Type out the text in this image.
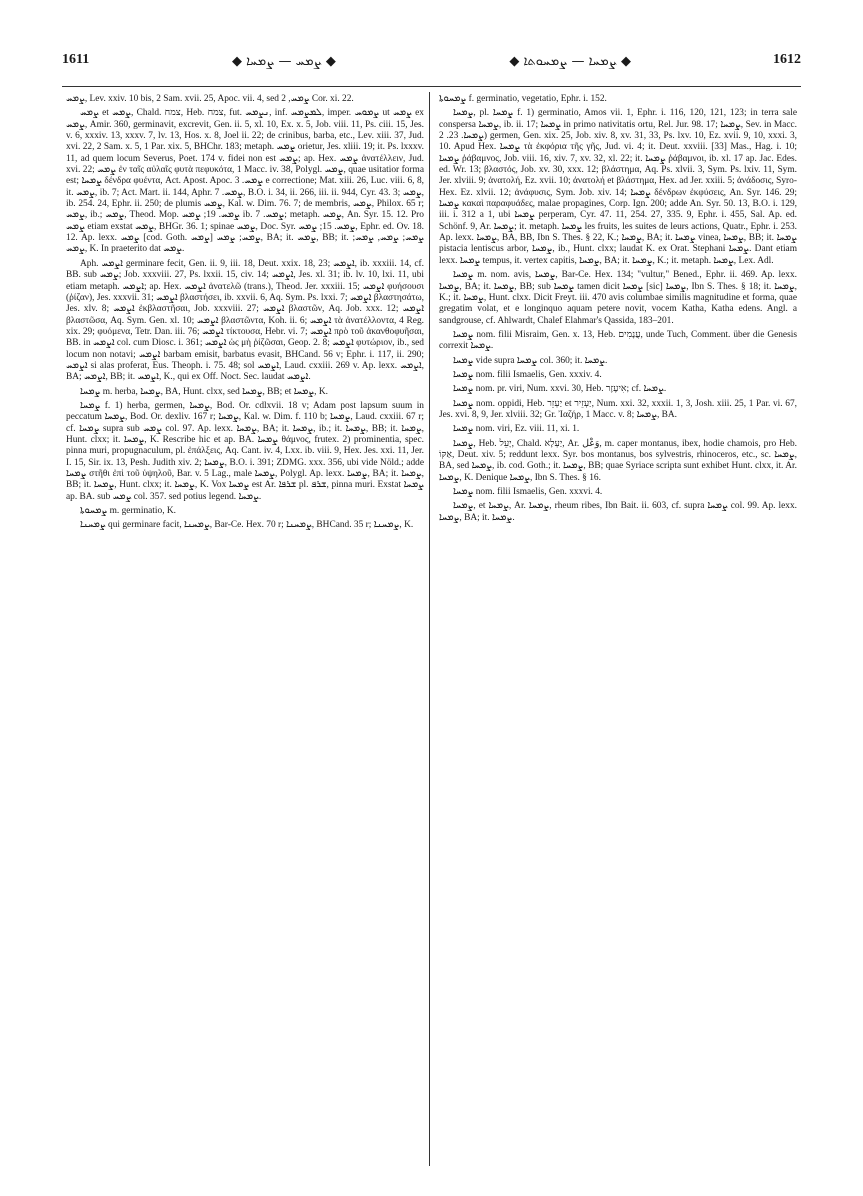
1611	◆ ܨܡܚ — ܨܡܚܐ ◆	◆ ܨܡܚܐ — ܨܡܚܘܬܐ ◆	1612

ܨܡܚ, Lev. xxiv. 10 bis, 2 Sam. xvii. 25, Apoc. vii. 4, sed ܨܡܚ, 2 Cor. xi. 22.

ܨܡܚ et ܨܡܚ, Chald. צמח, Heb. צמח, fut. ܢܨܡܚ, inf. ܠܡܨܡܚ, imper. ܨܡܘܚ ut ܨܡܚ ex ܨܡܚ, Amir. 360, germinavit, excrevit, Gen. ii. 5, xl. 10, Ex. x. 5, Job. viii. 11, Ps. ciii. 15, Jes. v. 6, xxxiv. 13, xxxv. 7, lv. 13, Hos. x. 8, Joel ii. 22; de crinibus, barba, etc., Lev. xiii. 37, Jud. xvi. 22, 2 Sam. x. 5, 1 Par. xix. 5, BHChr. 183; metaph. ܨܡܚ orietur, Jes. xliii. 19; it. Ps. lxxxv. 11, ad quem locum Severus, Poet. 174 v. fidei non est ܨܡܚ; ap. Hex. ܨܡܚ ἀνατέλλειν, Jud. xvi. 22; ܨܡܚ ἐν ταῖς αὐλαῖς φυτὰ πεφυκότα, 1 Macc. iv. 38, Polygl. ܨܡܚ, quae usitatior forma est; ܨܡܚܐ δένδρα φυέντα, Act. Apost. Apoc. ܨܡܚ. 3 e correctione; Mat. xiii. 26, Luc. viii. 6, 8, it. ܨܡܚ, ib. 7; Act. Mart. ii. 144, Aphr. ܨܡܚ. 7, B.O. i. 34, ii. 266, iii. ii. 944, Cyr. 43. 3; ܨܡܚ, ib. 254. 24, Ephr. ii. 250; de plumis ܨܡܚ, Kal. w. Dim. 76. 7; de membris, ܨܡܚ, Philox. 65 r; ܨܡܚ, ib.; ܨܡܚ, Theod. Mop. ܨܡܚ. 19; ܨܡܚ ib. ܨܡܚ. 7; metaph. ܨܡܚ, An. Syr. 15. 12. Pro ܨܡܚ etiam exstat ܨܡܚ, BHGr. 36. 1; spinae ܨܡܚ, Doc. Syr. ܨܡܚ. 15; ܨܡܚ, Ephr. ed. Ov. 18. 12. Ap. lexx. ܨܡܚ [cod. Goth. ܨܡܚ] ܨܡܚ; ܨܡܚ, BA; it. ܨܡܚ, BB; it. ܨܡܚ; ܨܡܚ, ܨܡܚ; ܨܡܚ, K. In praeterito dat ܨܡܚ.

Aph. ܐܨܡܚ germinare fecit, Gen. ii. 9, iii. 18, Deut. xxix. 18, 23; ܐܨܡܚ, ib. xxxiii. 14, cf. BB. sub ܨܡܚ; Job. xxxviii. 27, Ps. lxxii. 15, civ. 14; ܐܨܡܚ, Jes. xl. 31; ib. lv. 10, lxi. 11, ubi etiam metaph. ܐܨܡܚ; ap. Hex. ܐܨܡܚ ἀνατελῶ (trans.), Theod. Jer. xxxiii. 15; ܐܨܡܚ φυήσουσι (ῥίζαν), Jes. xxxvii. 31; ܐܨܡܚ βλαστήσει, ib. xxvii. 6, Aq. Sym. Ps. lxxi. 7; ܐܨܡܚ βλαστησάτω, Jes. xlv. 8; ܐܨܡܚ ἐκβλαστῆσαι, Job. xxxviii. 27; ܐܨܡܚ βλαστῶν, Aq. Job. xxx. 12; ܐܨܡܚ βλαστῶσα, Aq. Sym. Gen. xl. 10; ܐܨܡܚ βλαστῶντα, Koh. ii. 6; ܐܨܡܚ τὰ ἀνατέλλοντα, 4 Reg. xix. 29; φυόμενα, Tetr. Dan. iii. 76; ܐܨܡܚ τίκτουσα, Hebr. vi. 7; ܐܨܡܚ πρὸ τοῦ ἀκανθοφυῆσαι, BB. in ܐܨܡܚ col. cum Diosc. i. 361; ܐܨܡܚ ὡς μὴ ῥίζῶσαι, Geop. 2. 8; ܐܨܡܚ φυτώριον, ib., sed locum non notavi; ܐܨܡܚ barbam emisit, barbatus evasit, BHCand. 56 v; Ephr. i. 117, ii. 290; ܐܨܡܚ si alas proferat, Eus. Theoph. i. 75. 48; sol ܐܨܡܚ, Laud. cxxiii. 269 v. Ap. lexx. ܐܨܡܚ, BA; ܐܨܡܚ, BB; it. ܐܨܡܚ, K., qui ex Off. Noct. Sec. laudat ܐܨܡܚ.

ܨܡܚܐ m. herba, ܨܡܚܐ, BA, Hunt. clxx, sed ܨܡܚܐ, BB; et ܨܡܚܐ, K.

ܨܡܚܐ f. 1) herba, germen, ܨܡܚܐ, Bod. Or. cdlxvii. 18 v; Adam post lapsum suum in peccatum ܨܡܚܐ, Bod. Or. dexliv. 167 r; ܨܡܚܐ, Kal. w. Dim. f. 110 b; ܨܡܚܐ, Laud. cxxiii. 67 r; cf. ܨܡܚܐ suprа sub ܨܡܚ col. 97. Ap. lexx. ܨܡܚܐ, BA; it. ܨܡܚܐ, ib.; it. ܨܡܚܐ, BB; it. ܨܡܚܐ, Hunt. clxx; it. ܨܡܚܐ, K. Rescribe hic et ap. BA. ܨܡܚܐ θάμνος, frutex. 2) prominentia, spec. pinna muri, propugnaculum, pl. ἐπάλξεις, Aq. Cant. iv. 4, Lxx. ib. viii. 9, Hex. Jes. xxi. 11, Jer. I. 15, Sir. ix. 13, Pesh. Judith xiv. 2; ܨܡܚܐ, B.O. i. 391; ZDMG. xxx. 356, ubi vide Nöld.; adde ܨܡܚܐ στῆθι ἐπὶ τοῦ ὑψηλοῦ, Bar. v. 5 Lag., male ܨܡܚܐ, Polygl. Ap. lexx. ܨܡܚܐ, BA; it. ܨܡܚܐ, BB; it. ܨܡܚܐ, Hunt. clxx; it. ܨܡܚܐ, K. Vox ܨܡܚܐ est Ar. ܫܪܦܐ pl. ܫܪܦ, pinna muri. Exstat ܨܡܚܐ ap. BA. sub ܨܡܚ col. 357. sed potius legend. ܨܡܚܐ.

ܨܡܚܘܬܐ m. germinatio, K.

ܨܡܚܢܐ qui germinare facit, ܨܡܚܢܐ, Bar-Ce. Hex. 70 r; ܨܡܚܢܐ, BHCand. 35 r; ܨܡܚܢܐ, K.

ܨܡܚܘܬܐ f. germinatio, vegetatio, Ephr. i. 152.

ܨܡܚܐ, pl. ܨܡܚܐ f. 1) germinatio, Amos vii. 1, Ephr. i. 116, 120, 121, 123; in terra sale conspersa ܨܡܚܐ, ib. ii. 17; ܨܡܚܐ in primo nativitatis ortu, Rel. Jur. 98. 17; ܨܡܚܐ, Sev. in Macc. ܨܡܚܐ. 23. 2) germen, Gen. xix. 25, Job. xiv. 8, xv. 31, 33, Ps. lxv. 10, Ez. xvii. 9, 10, xxxi. 3, 10. Apud Hex. ܨܡܚܐ τὰ ἐκφόρια τῆς γῆς, Jud. vi. 4; it. Deut. xxviii. [33] Mas., Hag. i. 10; ܨܡܚܐ ῥάβαμνος, Job. viii. 16, xiv. 7, xv. 32, xl. 22; it. ܨܡܚܐ ῥάβαμνοι, ib. xl. 17 ap. Jac. Edes. ed. Wr. 13; βλαστός, Job. xv. 30, xxx. 12; βλάστημα, Aq. Ps. xlvii. 3, Sym. Ps. lxiv. 11, Sym. Jer. xlviii. 9; ἀνατολή, Ez. xvii. 10; ἀνατολή et βλάστημα, Hex. ad Jer. xxiii. 5; ἀνάδοσις, Syro-Hex. Ez. xlvii. 12; ἀνάφυσις, Sym. Job. xiv. 14; ܨܡܚܐ δένδρων ἐκφύσεις, An. Syr. 146. 29; ܨܡܚܐ κακαὶ παραφυάδες, malae propagines, Corp. Ign. 200; adde An. Syr. 50. 13, B.O. i. 129, iii. i. 312 a 1, ubi ܨܡܚܐ perperam, Cyr. 47. 11, 254. 27, 335. 9, Ephr. i. 455, Sal. Ap. ed. Schönf. 9, Ar. ܨܡܚܐ; it. metaph. ܨܡܚܐ les fruits, les suites de leurs actions, Quatr., Ephr. i. 253. Ap. lexx. ܨܡܚܐ, BA, BB, Ibn S. Thes. § 22, K.; ܨܡܚܐ, BA; it. ܨܡܚܐ vinea, ܨܡܚܐ, BB; it. ܨܡܚܐ pistacia lentiscus arbor, ܨܡܚܐ, ib., Hunt. clxx; laudat K. ex Orat. Stephani ܨܡܚܐ. Dant etiam lexx. ܨܡܚܐ tempus, it. vertex capitis, ܨܡܚܐ, BA; it. ܨܡܚܐ, K.; it. metaph. ܨܡܚܐ, Lex. Adl.

ܨܡܚܐ m. nom. avis, ܨܡܚܐ, Bar-Ce. Hex. 134; "vultur," Bened., Ephr. ii. 469. Ap. lexx. ܨܡܚܐ, BA; it. ܨܡܚܐ, BB; sub ܨܡܚܐ tamen dicit ܨܡܚܐ [sic] ܨܡܚܐ, Ibn S. Thes. § 18; it. ܨܡܚܐ, K.; it. ܨܡܚܐ, Hunt. clxx. Dicit Freyt. iii. 470 avis columbae similis magnitudine et forma, quae gregatim volat, et e longinquo aquam petere novit, vocem Katha, Katha edens. Angl. a sandgrouse, cf. Ahlwardt, Chalef Elahmar's Qassida, 183–201.

ܨܡܚܐ nom. filii Misraim, Gen. x. 13, Heb. עֲנָמִים, unde Tuch, Comment. über die Genesis correxit ܨܡܚܐ.

ܨܡܚܐ vide suprа ܨܡܚܐ col. 360; it. ܨܡܚܐ.

ܨܡܚܐ nom. filii Ismaelis, Gen. xxxiv. 4.

ܨܡܚܐ nom. pr. viri, Num. xxvi. 30, Heb. אִיעֶזֶר; cf. ܨܡܚܐ.

ܨܡܚܐ nom. oppidi, Heb. יַעְזֵר et יַעְזֵיר, Num. xxi. 32, xxxii. 1, 3, Josh. xiii. 25, 1 Par. vi. 67, Jes. xvi. 8, 9, Jer. xlviii. 32; Gr. Ἰαζήρ, 1 Macc. v. 8; ܨܡܚܐ, BA.

ܨܡܚܐ nom. viri, Ez. viii. 11, xi. 1.

ܨܡܚܐ, Heb. יָעֵל, Chald. יַעְלָא, Ar. وَعْل, m. caper montanus, ibex, hodie chamois, pro Heb. אַקּוֹ, Deut. xiv. 5; reddunt lexx. Syr. bos montanus, bos sylvestris, rhinoceros, etc., sc. ܨܡܚܐ, BA, sed ܨܡܚܐ, ib. cod. Goth.; it. ܨܡܚܐ, BB; quae Syriace scripta sunt exhibet Hunt. clxx, it. Ar. ܨܡܚܐ, K. Denique ܨܡܚܐ, Ibn S. Thes. § 16.

ܨܡܚܐ nom. filii Ismaelis, Gen. xxxvi. 4.

ܨܡܚܐ, et ܨܡܚܐ, Ar. ܨܡܚܐ, rheum ribes, Ibn Bait. ii. 603, cf. suprа ܨܡܚܐ col. 99. Ap. lexx. ܨܡܚܐ, BA; it. ܨܡܚܐ.
